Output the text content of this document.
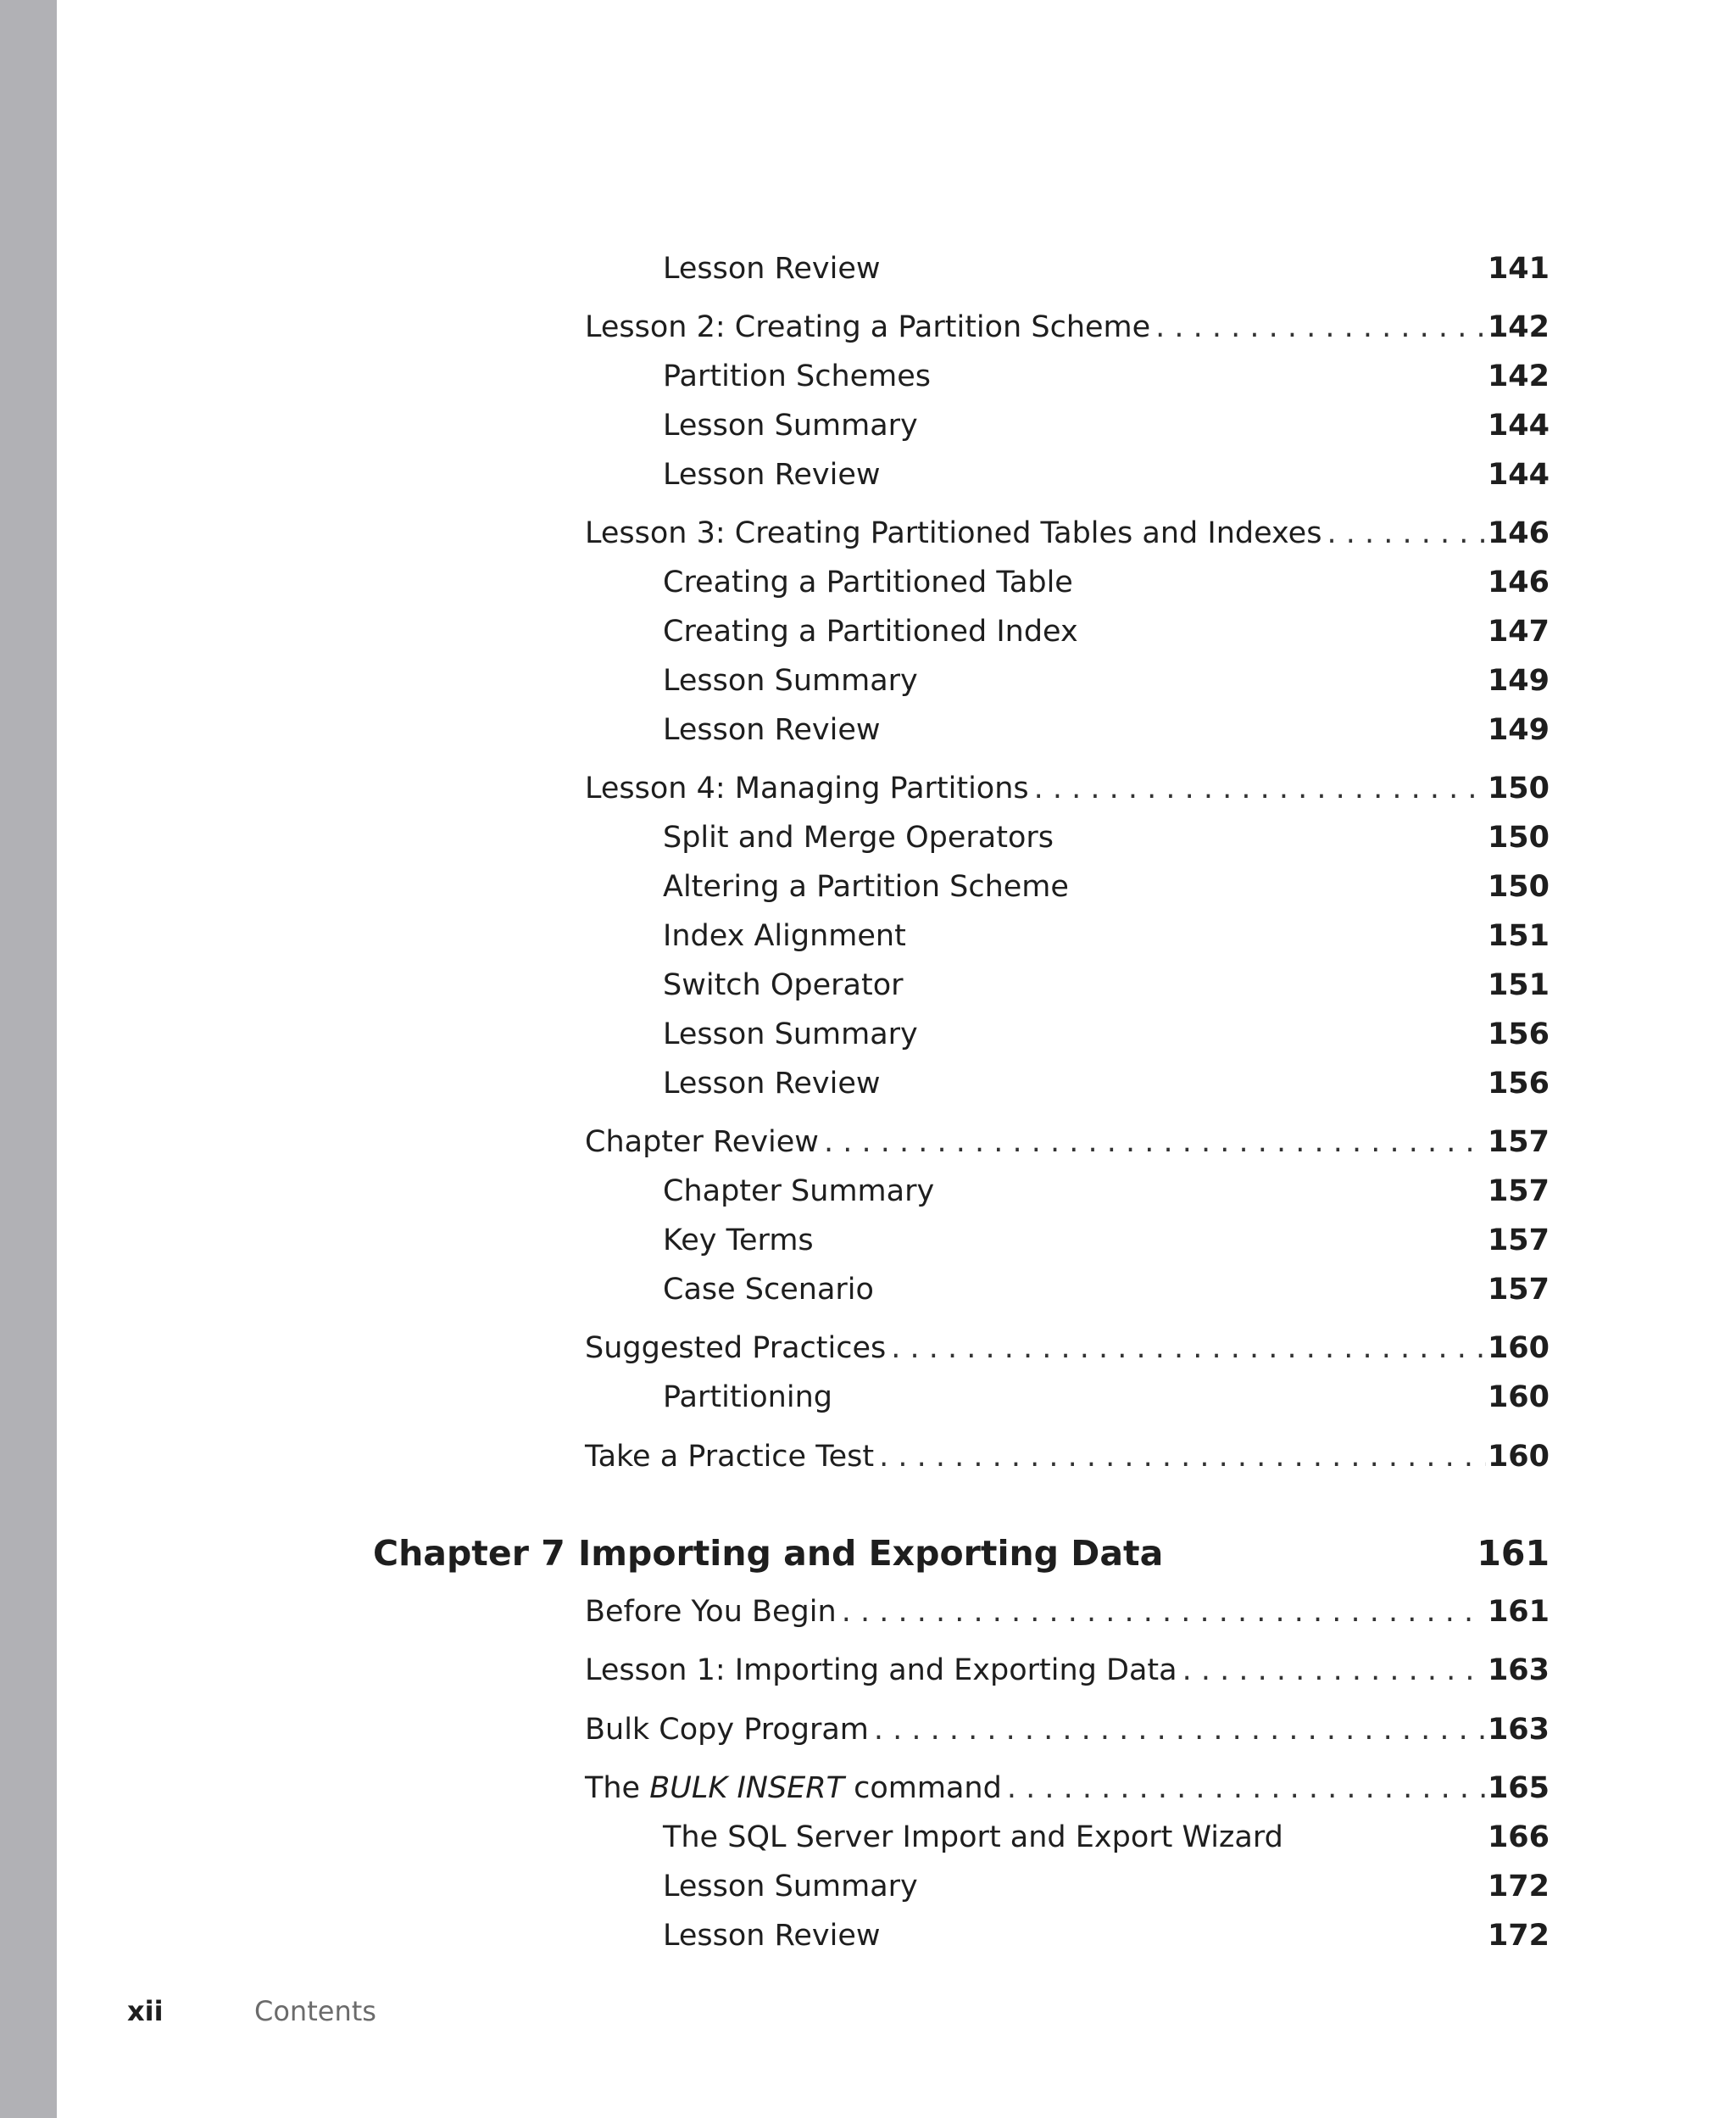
Lesson Review	141
Lesson 2: Creating a Partition Scheme . . .	142
Partition Schemes	142
Lesson Summary	144
Lesson Review	144
Lesson 3: Creating Partitioned Tables and Indexes . . .	146
Creating a Partitioned Table	146
Creating a Partitioned Index	147
Lesson Summary	149
Lesson Review	149
Lesson 4: Managing Partitions . . .	150
Split and Merge Operators	150
Altering a Partition Scheme	150
Index Alignment	151
Switch Operator	151
Lesson Summary	156
Lesson Review	156
Chapter Review . . .	157
Chapter Summary	157
Key Terms	157
Case Scenario	157
Suggested Practices . . .	160
Partitioning	160
Take a Practice Test . . .	160
Chapter 7 Importing and Exporting Data	161
Before You Begin . . .	161
Lesson 1: Importing and Exporting Data . . .	163
Bulk Copy Program . . .	163
The BULK INSERT command . . .	165
The SQL Server Import and Export Wizard	166
Lesson Summary	172
Lesson Review	172
xii	Contents
